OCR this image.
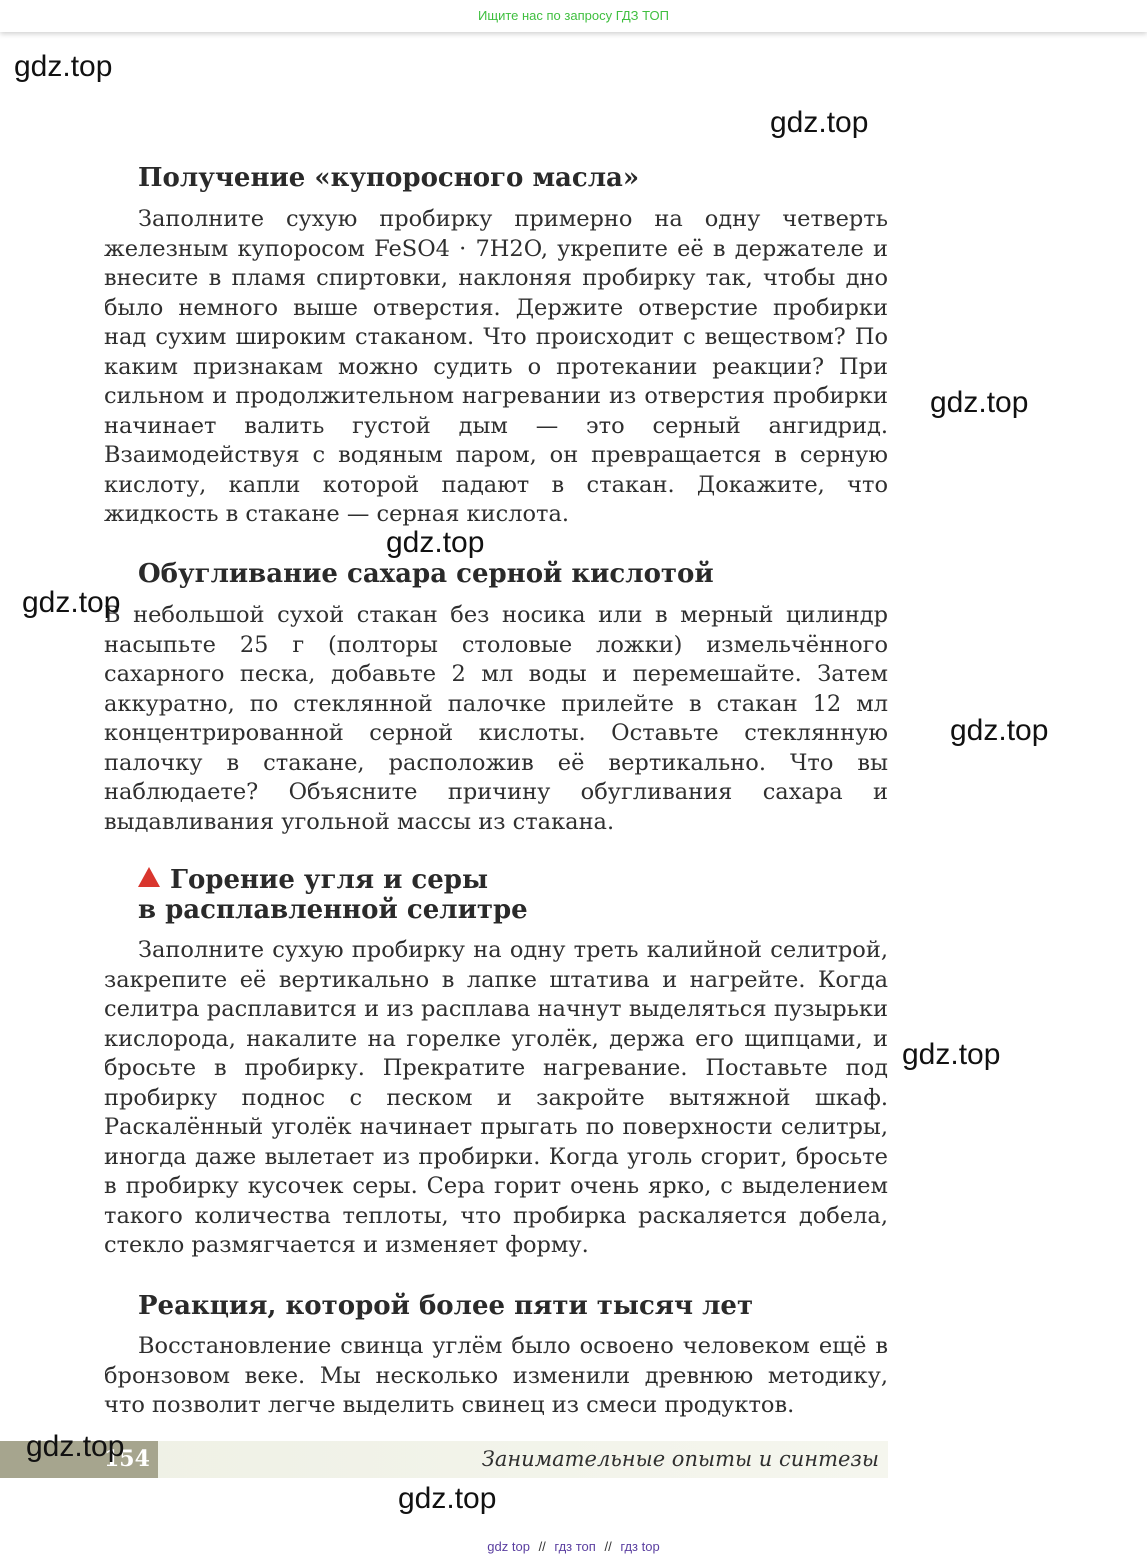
Ищите нас по запросу ГДЗ ТОП
Получение «купоросного масла»

Заполните сухую пробирку примерно на одну четверть железным купоросом FeSO4 · 7H2O, укрепите её в держателе и внесите в пламя спиртовки, наклоняя пробирку так, чтобы дно было немного выше отверстия. Держите отверстие пробирки над сухим широким стаканом. Что происходит с веществом? По каким признакам можно судить о протекании реакции? При сильном и продолжительном нагревании из отверстия пробирки начинает валить густой дым — это серный ангидрид. Взаимодействуя с водяным паром, он превращается в серную кислоту, капли которой падают в стакан. Докажите, что жидкость в стакане — серная кислота.

Обугливание сахара серной кислотой

В небольшой сухой стакан без носика или в мерный цилиндр насыпьте 25 г (полторы столовые ложки) измельчённого сахарного песка, добавьте 2 мл воды и перемешайте. Затем аккуратно, по стеклянной палочке прилейте в стакан 12 мл концентрированной серной кислоты. Оставьте стеклянную палочку в стакане, расположив её вертикально. Что вы наблюдаете? Объясните причину обугливания сахара и выдавливания угольной массы из стакана.

Горение угля и серы
в расплавленной селитре

Заполните сухую пробирку на одну треть калийной селитрой, закрепите её вертикально в лапке штатива и нагрейте. Когда селитра расплавится и из расплава начнут выделяться пузырьки кислорода, накалите на горелке уголёк, держа его щипцами, и бросьте в пробирку. Прекратите нагревание. Поставьте под пробирку поднос с песком и закройте вытяжной шкаф. Раскалённый уголёк начинает прыгать по поверхности селитры, иногда даже вылетает из пробирки. Когда уголь сгорит, бросьте в пробирку кусочек серы. Сера горит очень ярко, с выделением такого количества теплоты, что пробирка раскаляется добела, стекло размягчается и изменяет форму.

Реакция, которой более пяти тысяч лет

Восстановление свинца углём было освоено человеком ещё в бронзовом веке. Мы несколько изменили древнюю методику, что позволит легче выделить свинец из смеси продуктов.

154	Занимательные опыты и синтезы
gdz.top
gdz.top
gdz.top
gdz.top
gdz.top
gdz.top
gdz.top
gdz.top
gdz.top
gdz top // гдз топ // гдз top
